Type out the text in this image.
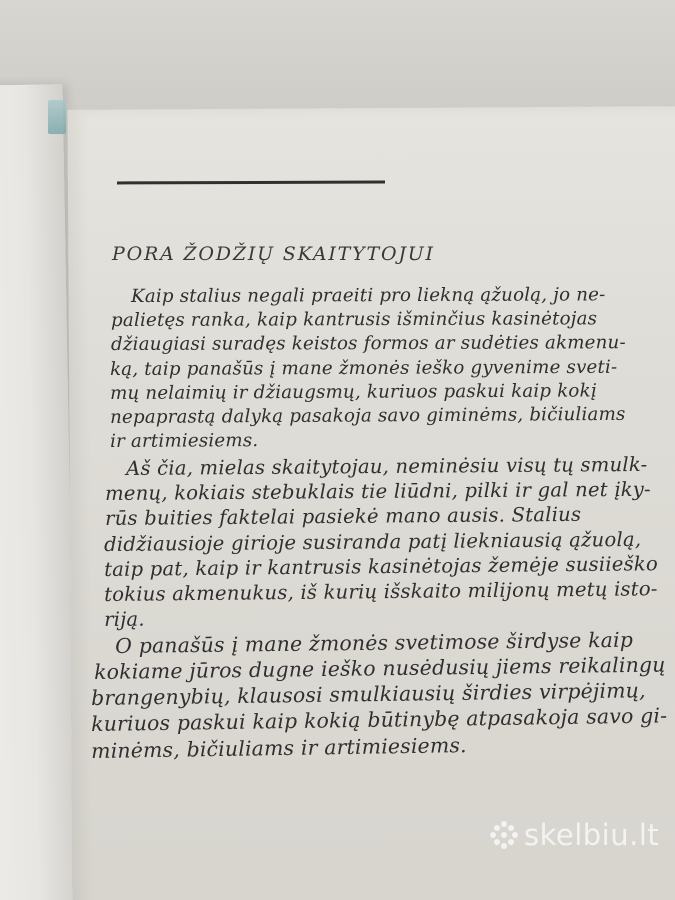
PORA ŽODŽIŲ SKAITYTOJUI
Kaip stalius negali praeiti pro liekną ąžuolą, jo ne-
palietęs ranka, kaip kantrusis išminčius kasinėtojas
džiaugiasi suradęs keistos formos ar sudėties akmenu-
ką, taip panašūs į mane žmonės ieško gyvenime sveti-
mų nelaimių ir džiaugsmų, kuriuos paskui kaip kokį
nepaprastą dalyką pasakoja savo giminėms, bičiuliams
ir artimiesiems.
Aš čia, mielas skaitytojau, neminėsiu visų tų smulk-
menų, kokiais stebuklais tie liūdni, pilki ir gal net įky-
rūs buities faktelai pasiekė mano ausis. Stalius
didžiausioje girioje susiranda patį liekniausią ąžuolą,
taip pat, kaip ir kantrusis kasinėtojas žemėje susiieško
tokius akmenukus, iš kurių išskaito milijonų metų isto-
riją.
O panašūs į mane žmonės svetimose širdyse kaip
kokiame jūros dugne ieško nusėdusių jiems reikalingų
brangenybių, klausosi smulkiausių širdies virpėjimų,
kuriuos paskui kaip kokią būtinybę atpasakoja savo gi-
minėms, bičiuliams ir artimiesiems.
skelbiu.lt
